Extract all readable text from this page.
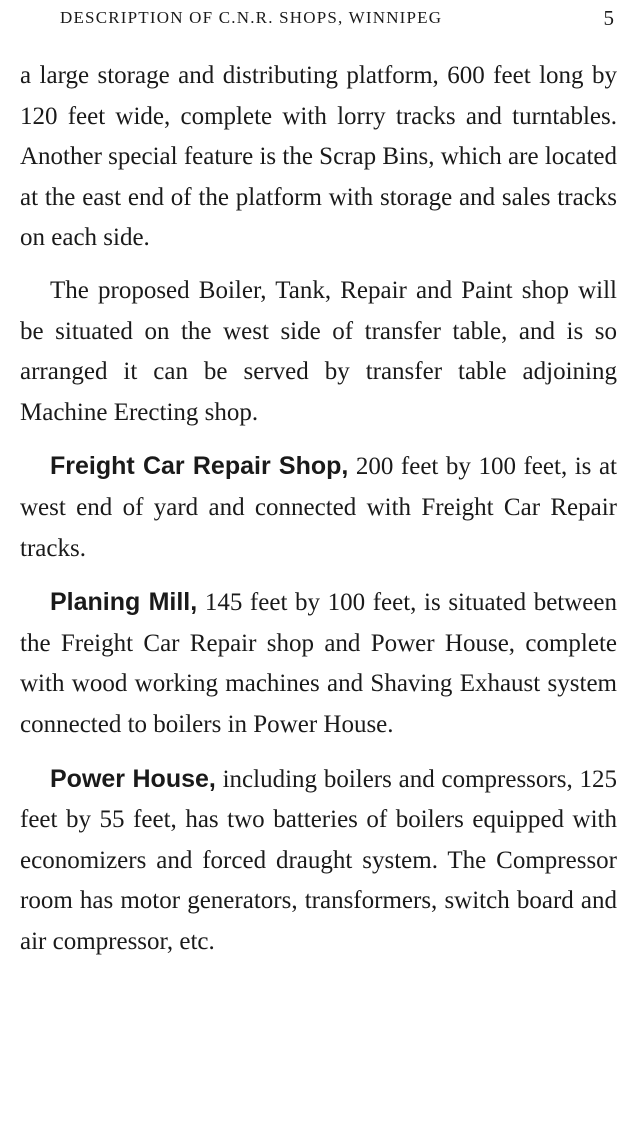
DESCRIPTION OF C.N.R. SHOPS, WINNIPEG	5

a large storage and distributing platform, 600 feet long by 120 feet wide, complete with lorry tracks and turntables. Another special feature is the Scrap Bins, which are located at the east end of the platform with storage and sales tracks on each side.

The proposed Boiler, Tank, Repair and Paint shop will be situated on the west side of transfer table, and is so arranged it can be served by transfer table adjoining Machine Erecting shop.

Freight Car Repair Shop, 200 feet by 100 feet, is at west end of yard and connected with Freight Car Repair tracks.

Planing Mill, 145 feet by 100 feet, is situated between the Freight Car Repair shop and Power House, complete with wood working machines and Shaving Exhaust system connected to boilers in Power House.

Power House, including boilers and compressors, 125 feet by 55 feet, has two batteries of boilers equipped with economizers and forced draught system. The Compressor room has motor generators, transformers, switch board and air compressor, etc.
